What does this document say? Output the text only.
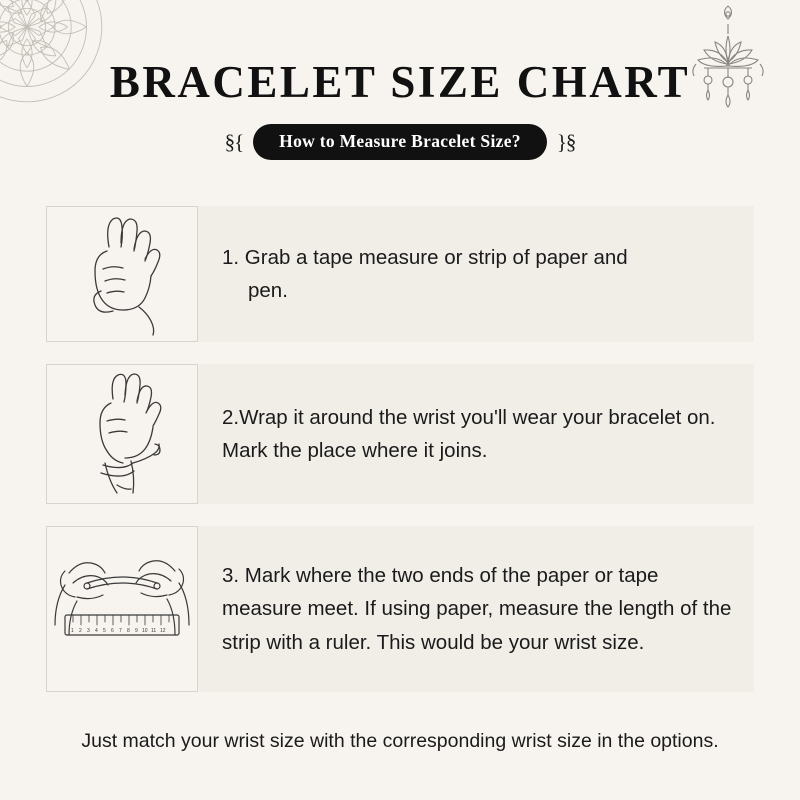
BRACELET SIZE CHART
§{	How to Measure Bracelet Size?	}§
1. Grab a tape measure or strip of paper and
pen.
2.Wrap it around the wrist you'll wear your bracelet on. Mark the place where it joins.
1 2 3 4 5 6 7 8 9 10 11 12
3. Mark where the two ends of the paper or tape measure meet. If using paper, measure the length of the strip with a ruler. This would be your wrist size.
Just match your wrist size with the corresponding wrist size in the options.
